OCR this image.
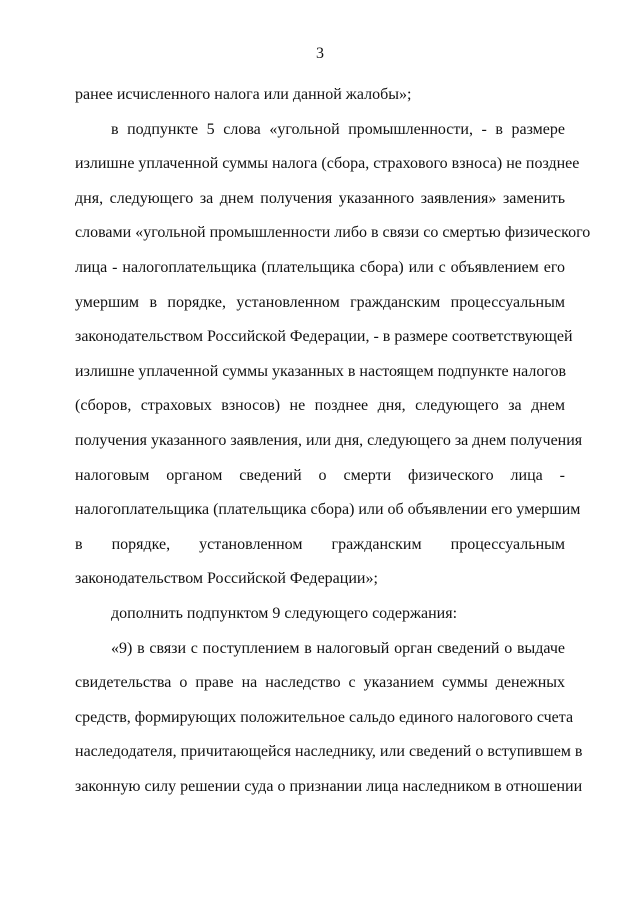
3
ранее исчисленного налога или данной жалобы»;
в подпункте 5 слова «угольной промышленности, - в размере
излишне уплаченной суммы налога (сбора, страхового взноса) не позднее
дня, следующего за днем получения указанного заявления» заменить
словами «угольной промышленности либо в связи со смертью физического
лица - налогоплательщика (плательщика сбора) или с объявлением его
умершим в порядке, установленном гражданским процессуальным
законодательством Российской Федерации, - в размере соответствующей
излишне уплаченной суммы указанных в настоящем подпункте налогов
(сборов, страховых взносов) не позднее дня, следующего за днем
получения указанного заявления, или дня, следующего за днем получения
налоговым органом сведений о смерти физического лица -
налогоплательщика (плательщика сбора) или об объявлении его умершим
в порядке, установленном гражданским процессуальным
законодательством Российской Федерации»;
дополнить подпунктом 9 следующего содержания:
«9) в связи с поступлением в налоговый орган сведений о выдаче
свидетельства о праве на наследство с указанием суммы денежных
средств, формирующих положительное сальдо единого налогового счета
наследодателя, причитающейся наследнику, или сведений о вступившем в
законную силу решении суда о признании лица наследником в отношении
